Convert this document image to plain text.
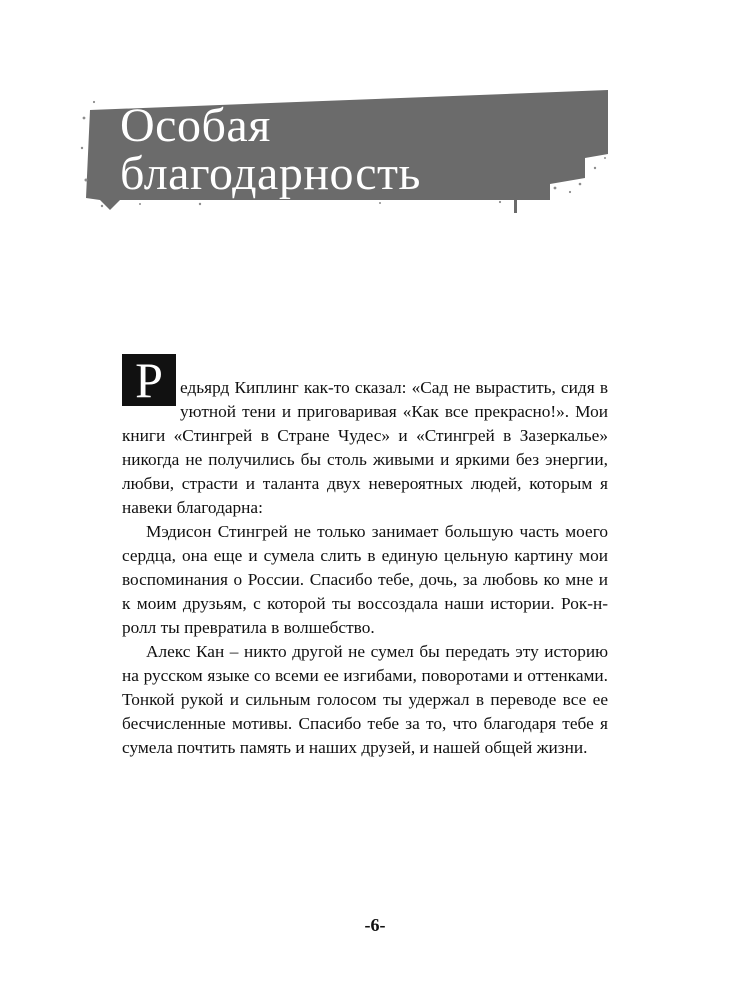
Особая
благодарность

Р едьярд Киплинг как-то сказал: «Сад не вырастить, сидя в уютной тени и приговаривая «Как все прекрасно!». Мои книги «Стингрей в Стране Чудес» и «Стингрей в Зазеркалье» никогда не получились бы столь живыми и яркими без энергии, любви, страсти и таланта двух невероятных людей, которым я навеки благодарна:

Мэдисон Стингрей не только занимает большую часть моего сердца, она еще и сумела слить в единую цельную картину мои воспоминания о России. Спасибо тебе, дочь, за любовь ко мне и к моим друзьям, с которой ты воссоздала наши истории. Рок-н-ролл ты превратила в волшебство.

Алекс Кан – никто другой не сумел бы передать эту историю на русском языке со всеми ее изгибами, поворотами и оттенками. Тонкой рукой и сильным голосом ты удержал в переводе все ее бесчисленные мотивы. Спасибо тебе за то, что благодаря тебе я сумела почтить память и наших друзей, и нашей общей жизни.

-6-
